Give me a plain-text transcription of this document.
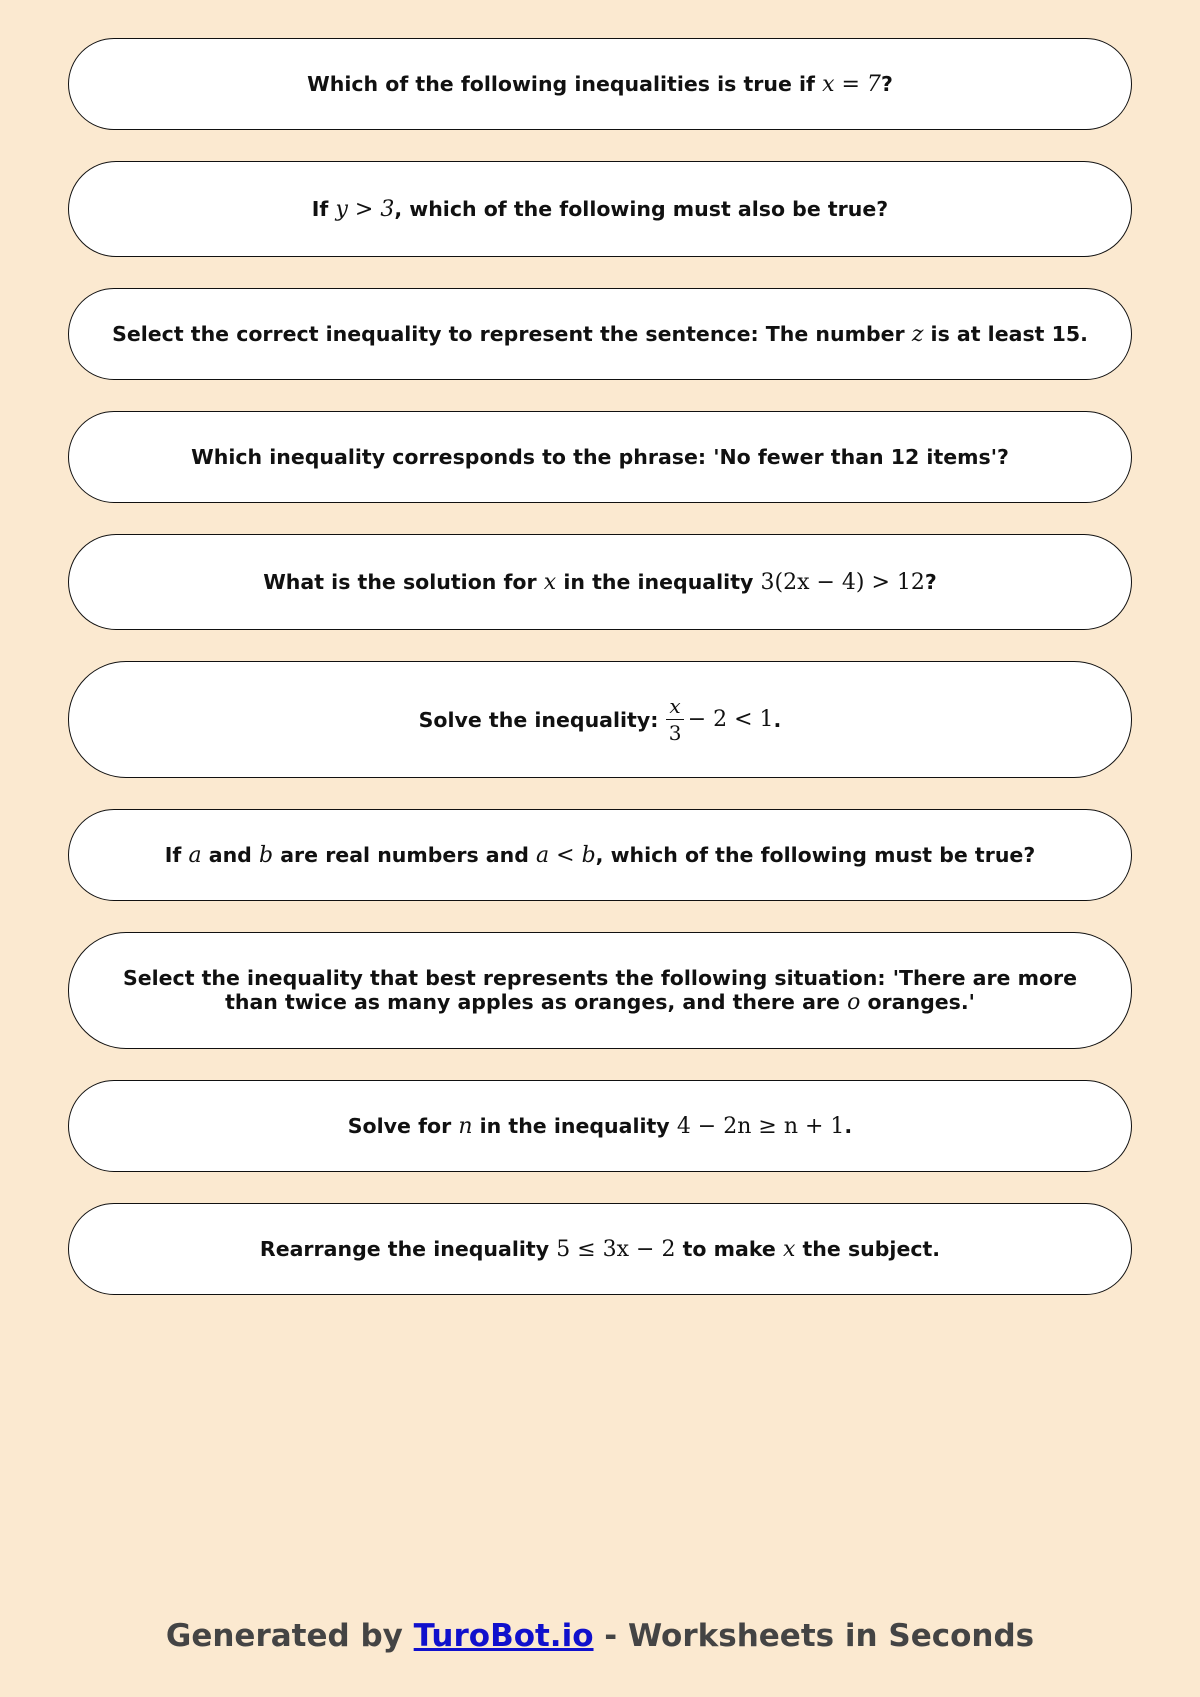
Which of the following inequalities is true if x = 7?
If y > 3, which of the following must also be true?
Select the correct inequality to represent the sentence: The number z is at least 15.
Which inequality corresponds to the phrase: 'No fewer than 12 items'?
What is the solution for x in the inequality 3(2x − 4) > 12?
Solve the inequality: $\frac{x}{3} - 2 < 1$ .
If a and b are real numbers and a < b, which of the following must be true?
Select the inequality that best represents the following situation: 'There are more
than twice as many apples as oranges, and there are o oranges.'
Solve for n in the inequality 4 − 2n ≥ n + 1.
Rearrange the inequality 5 ≤ 3x − 2 to make x the subject.
Generated by TuroBot.io - Worksheets in Seconds
